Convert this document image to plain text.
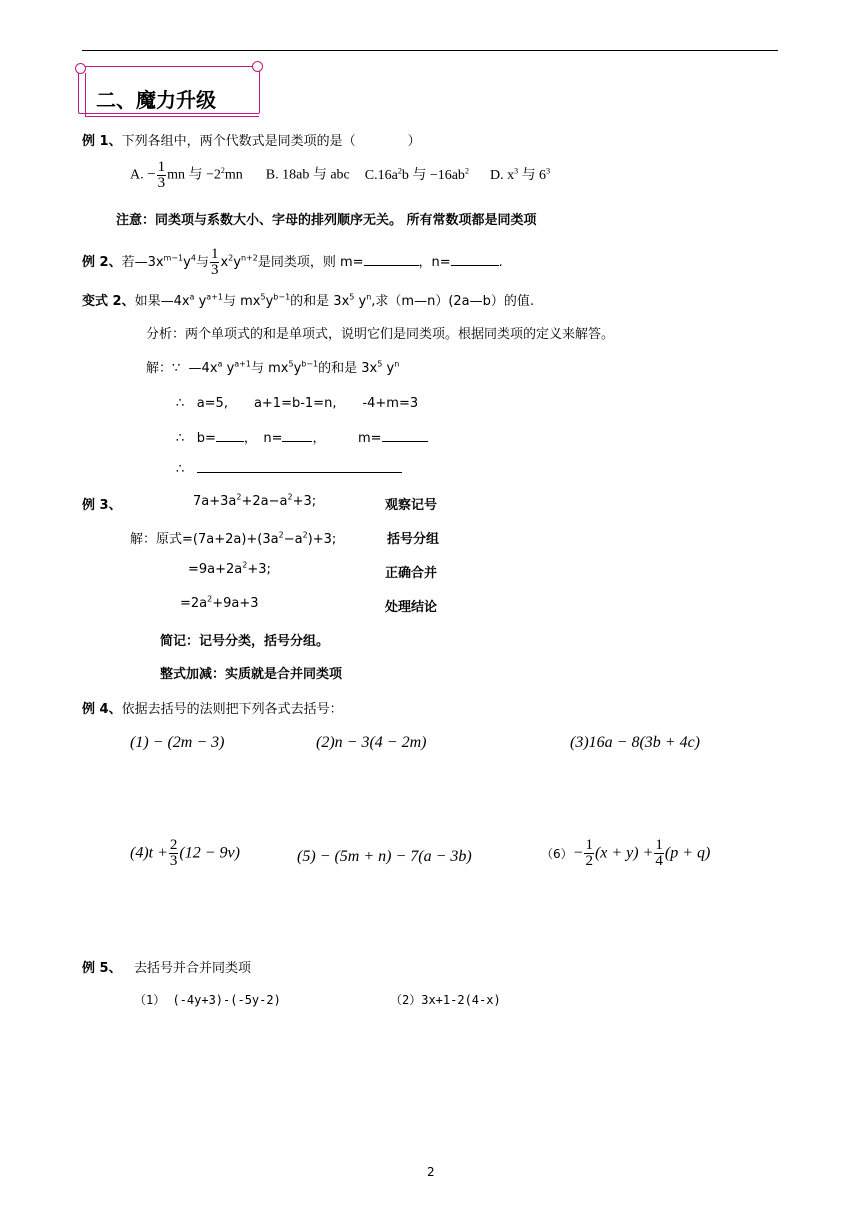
二、魔力升级
例 1、下列各组中，两个代数式是同类项的是（　　　　）
A. − $\frac{1}{3}$ mn 与 $-2^2mn$ B. 18ab 与 abc $C.16a^2b$ 与 $-16ab^2$ D. $x^3$ 与 $6^3$
注意：同类项与系数大小、字母的排列顺序无关。 所有常数项都是同类项
例 2、若$—3x^{m-1}y^4$与 $\frac{1}{3} x^2y^{n+2}$是同类项，则 m=	，n=	.
变式 2、如果$—4x^a$ $y^{a+1}$与 $mx^5y^{b-1}$的和是 $3x^5$ $y^n$,求（m—n）(2a—b）的值.
分析：两个单项式的和是单项式，说明它们是同类项。根据同类项的定义来解答。
解：∵ $—4x^a$ $y^{a+1}$与 $mx^5y^{b-1}$的和是 $3x^5$ $y^n$
∴ a=5,　　a+1=b-1=n,　　-4+m=3
∴ b= ，　n= ，　　　m=
∴
例 3、	$7a+3a^2+2a-a^2+3$;	观察记号
解：原式$=(7a+2a)+(3a^2-a^2)+3$;	括号分组
$=9a+2a^2+3$;	正确合并
$=2a^2+9a+3$	处理结论
简记：记号分类，括号分组。
整式加减：实质就是合并同类项
例 4、依据去括号的法则把下列各式去括号：
(1) − (2m − 3)	(2)n − 3(4 − 2m)	(3)16a − 8(3b + 4c)
$(4)t + \frac{2}{3} (12 - 9v)$	(5) − (5m + n) − 7(a − 3b)	$(6)- \frac{1}{2} (x + y) + \frac{1}{4} (p + q)$
例 5、 去括号并合并同类项
（1） (-4y+3)-(-5y-2)	（2）3x+1-2(4-x)
2
